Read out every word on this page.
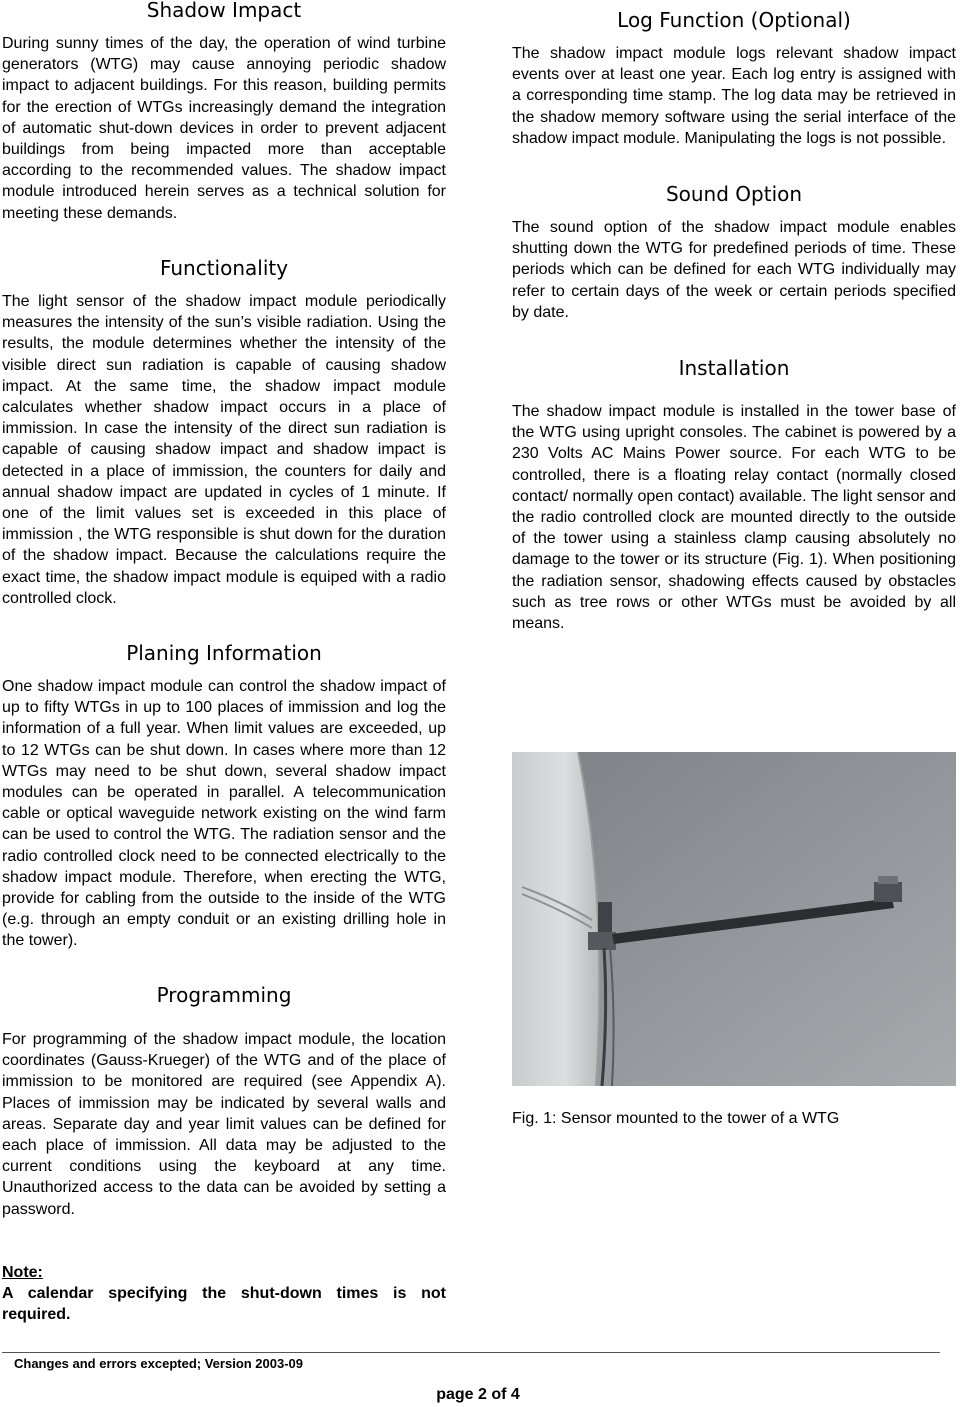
Shadow Impact

During sunny times of the day, the operation of wind turbine generators (WTG) may cause annoying periodic shadow impact to adjacent buildings. For this reason, building permits for the erection of WTGs increasingly demand the integration of automatic shut-down devices in order to prevent adjacent buildings from being impacted more than acceptable according to the recommended values. The shadow impact module introduced herein serves as a technical solution for meeting these demands.

Functionality

The light sensor of the shadow impact module periodically measures the intensity of the sun’s visible radiation. Using the results, the module determines whether the intensity of the visible direct sun radiation is capable of causing shadow impact. At the same time, the shadow impact module calculates whether shadow impact occurs in a place of immission. In case the intensity of the direct sun radiation is capable of causing shadow impact and shadow impact is detected in a place of immission, the counters for daily and annual shadow impact are updated in cycles of 1 minute. If one of the limit values set is exceeded in this place of immission , the WTG responsible is shut down for the duration of the shadow impact. Because the calculations require the exact time, the shadow impact module is equiped with a radio controlled clock.

Planing Information

One shadow impact module can control the shadow impact of up to fifty WTGs in up to 100 places of immission and log the information of a full year. When limit values are exceeded, up to 12 WTGs can be shut down. In cases where more than 12 WTGs may need to be shut down, several shadow impact modules can be operated in parallel. A telecommunication cable or optical waveguide network existing on the wind farm can be used to control the WTG. The radiation sensor and the radio controlled clock need to be connected electrically to the shadow impact module. Therefore, when erecting the WTG, provide for cabling from the outside to the inside of the WTG (e.g. through an empty conduit or an existing drilling hole in the tower).

Programming

For programming of the shadow impact module, the location coordinates (Gauss-Krueger) of the WTG and of the place of immission to be monitored are required (see Appendix A). Places of immission may be indicated by several walls and areas. Separate day and year limit values can be defined for each place of immission. All data may be adjusted to the current conditions using the keyboard at any time. Unauthorized access to the data can be avoided by setting a password.

Note:
A calendar specifying the shut-down times is not required.
Log Function (Optional)

The shadow impact module logs relevant shadow impact events over at least one year. Each log entry is assigned with a corresponding time stamp. The log data may be retrieved in the shadow memory software using the serial interface of the shadow impact module. Manipulating the logs is not possible.

Sound Option

The sound option of the shadow impact module enables shutting down the WTG for predefined periods of time. These periods which can be defined for each WTG individually may refer to certain days of the week or certain periods specified by date.

Installation

The shadow impact module is installed in the tower base of the WTG using upright consoles. The cabinet is powered by a 230 Volts AC Mains Power source. For each WTG to be controlled, there is a floating relay contact (normally closed contact/ normally open contact) available. The light sensor and the radio controlled clock are mounted directly to the outside of the tower using a stainless clamp causing absolutely no damage to the tower or its structure (Fig. 1). When positioning the radiation sensor, shadowing effects caused by obstacles such as tree rows or other WTGs must be avoided by all means.

Fig. 1: Sensor mounted to the tower of a WTG
Changes and errors excepted; Version 2003-09
page 2 of 4
